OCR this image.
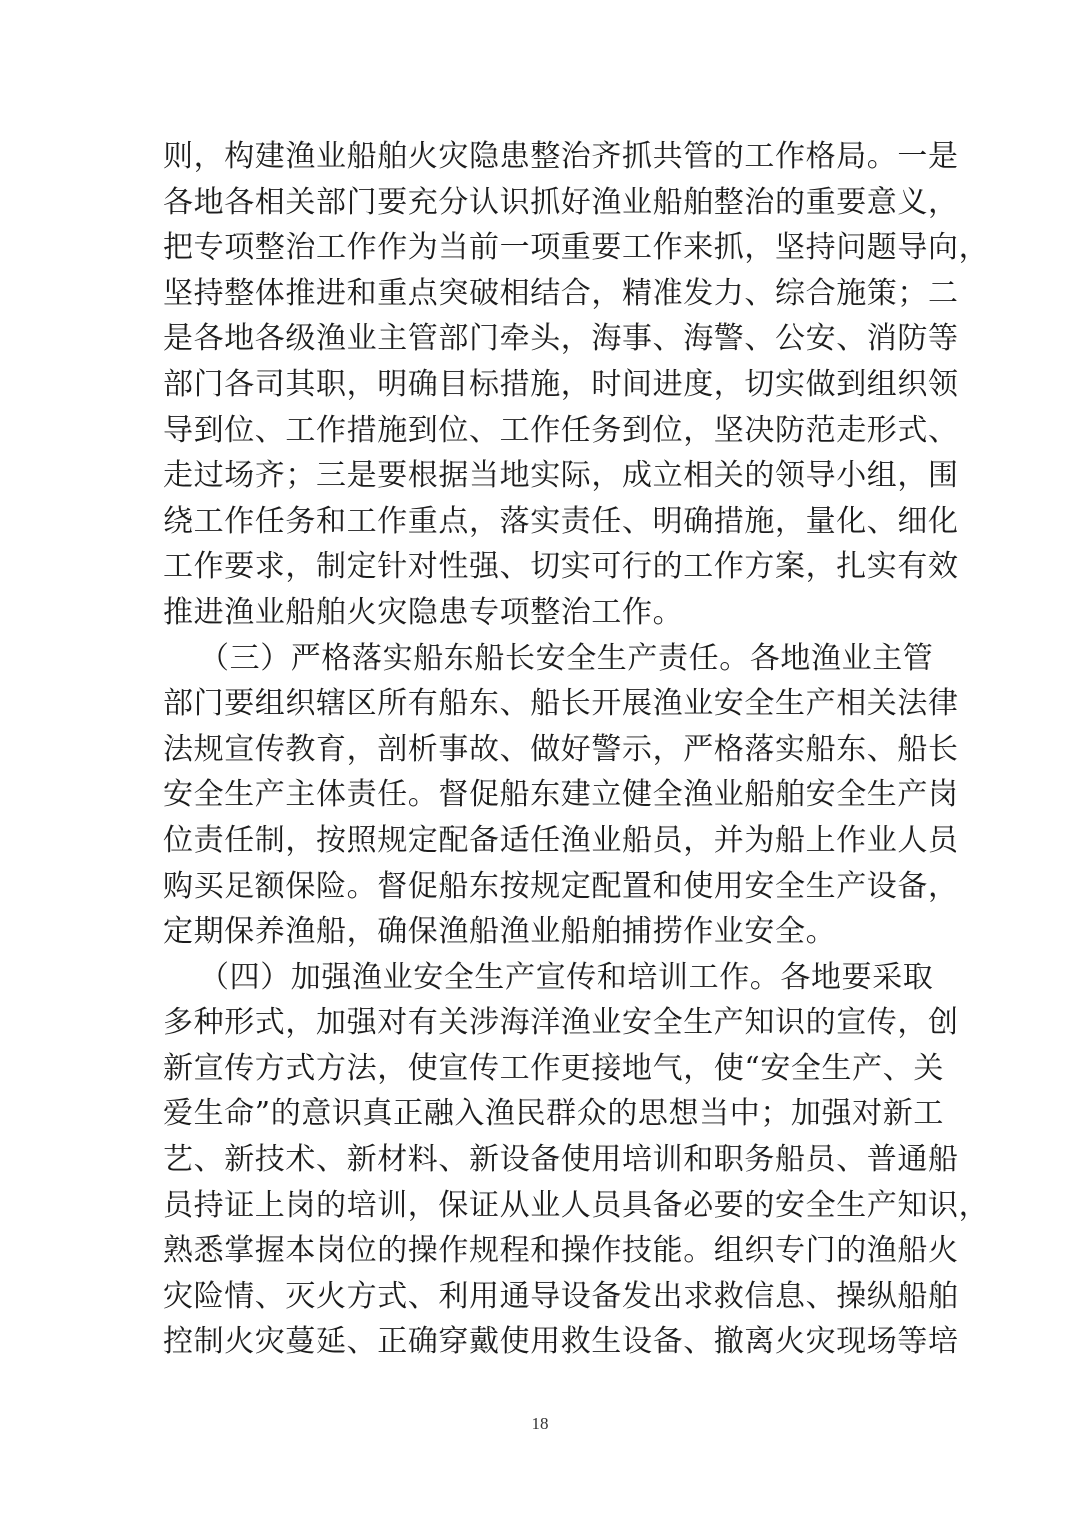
则，构建渔业船舶火灾隐患整治齐抓共管的工作格局。一是
各地各相关部门要充分认识抓好渔业船舶整治的重要意义，
把专项整治工作作为当前一项重要工作来抓，坚持问题导向，
坚持整体推进和重点突破相结合，精准发力、综合施策；二
是各地各级渔业主管部门牵头，海事、海警、公安、消防等
部门各司其职，明确目标措施，时间进度，切实做到组织领
导到位、工作措施到位、工作任务到位，坚决防范走形式、
走过场齐；三是要根据当地实际，成立相关的领导小组，围
绕工作任务和工作重点，落实责任、明确措施，量化、细化
工作要求，制定针对性强、切实可行的工作方案，扎实有效
推进渔业船舶火灾隐患专项整治工作。
（三）严格落实船东船长安全生产责任。各地渔业主管
部门要组织辖区所有船东、船长开展渔业安全生产相关法律
法规宣传教育，剖析事故、做好警示，严格落实船东、船长
安全生产主体责任。督促船东建立健全渔业船舶安全生产岗
位责任制，按照规定配备适任渔业船员，并为船上作业人员
购买足额保险。督促船东按规定配置和使用安全生产设备，
定期保养渔船，确保渔船渔业船舶捕捞作业安全。
（四）加强渔业安全生产宣传和培训工作。各地要采取
多种形式，加强对有关涉海洋渔业安全生产知识的宣传，创
新宣传方式方法，使宣传工作更接地气，使“安全生产、关
爱生命”的意识真正融入渔民群众的思想当中；加强对新工
艺、新技术、新材料、新设备使用培训和职务船员、普通船
员持证上岗的培训，保证从业人员具备必要的安全生产知识，
熟悉掌握本岗位的操作规程和操作技能。组织专门的渔船火
灾险情、灭火方式、利用通导设备发出求救信息、操纵船舶
控制火灾蔓延、正确穿戴使用救生设备、撤离火灾现场等培
18
